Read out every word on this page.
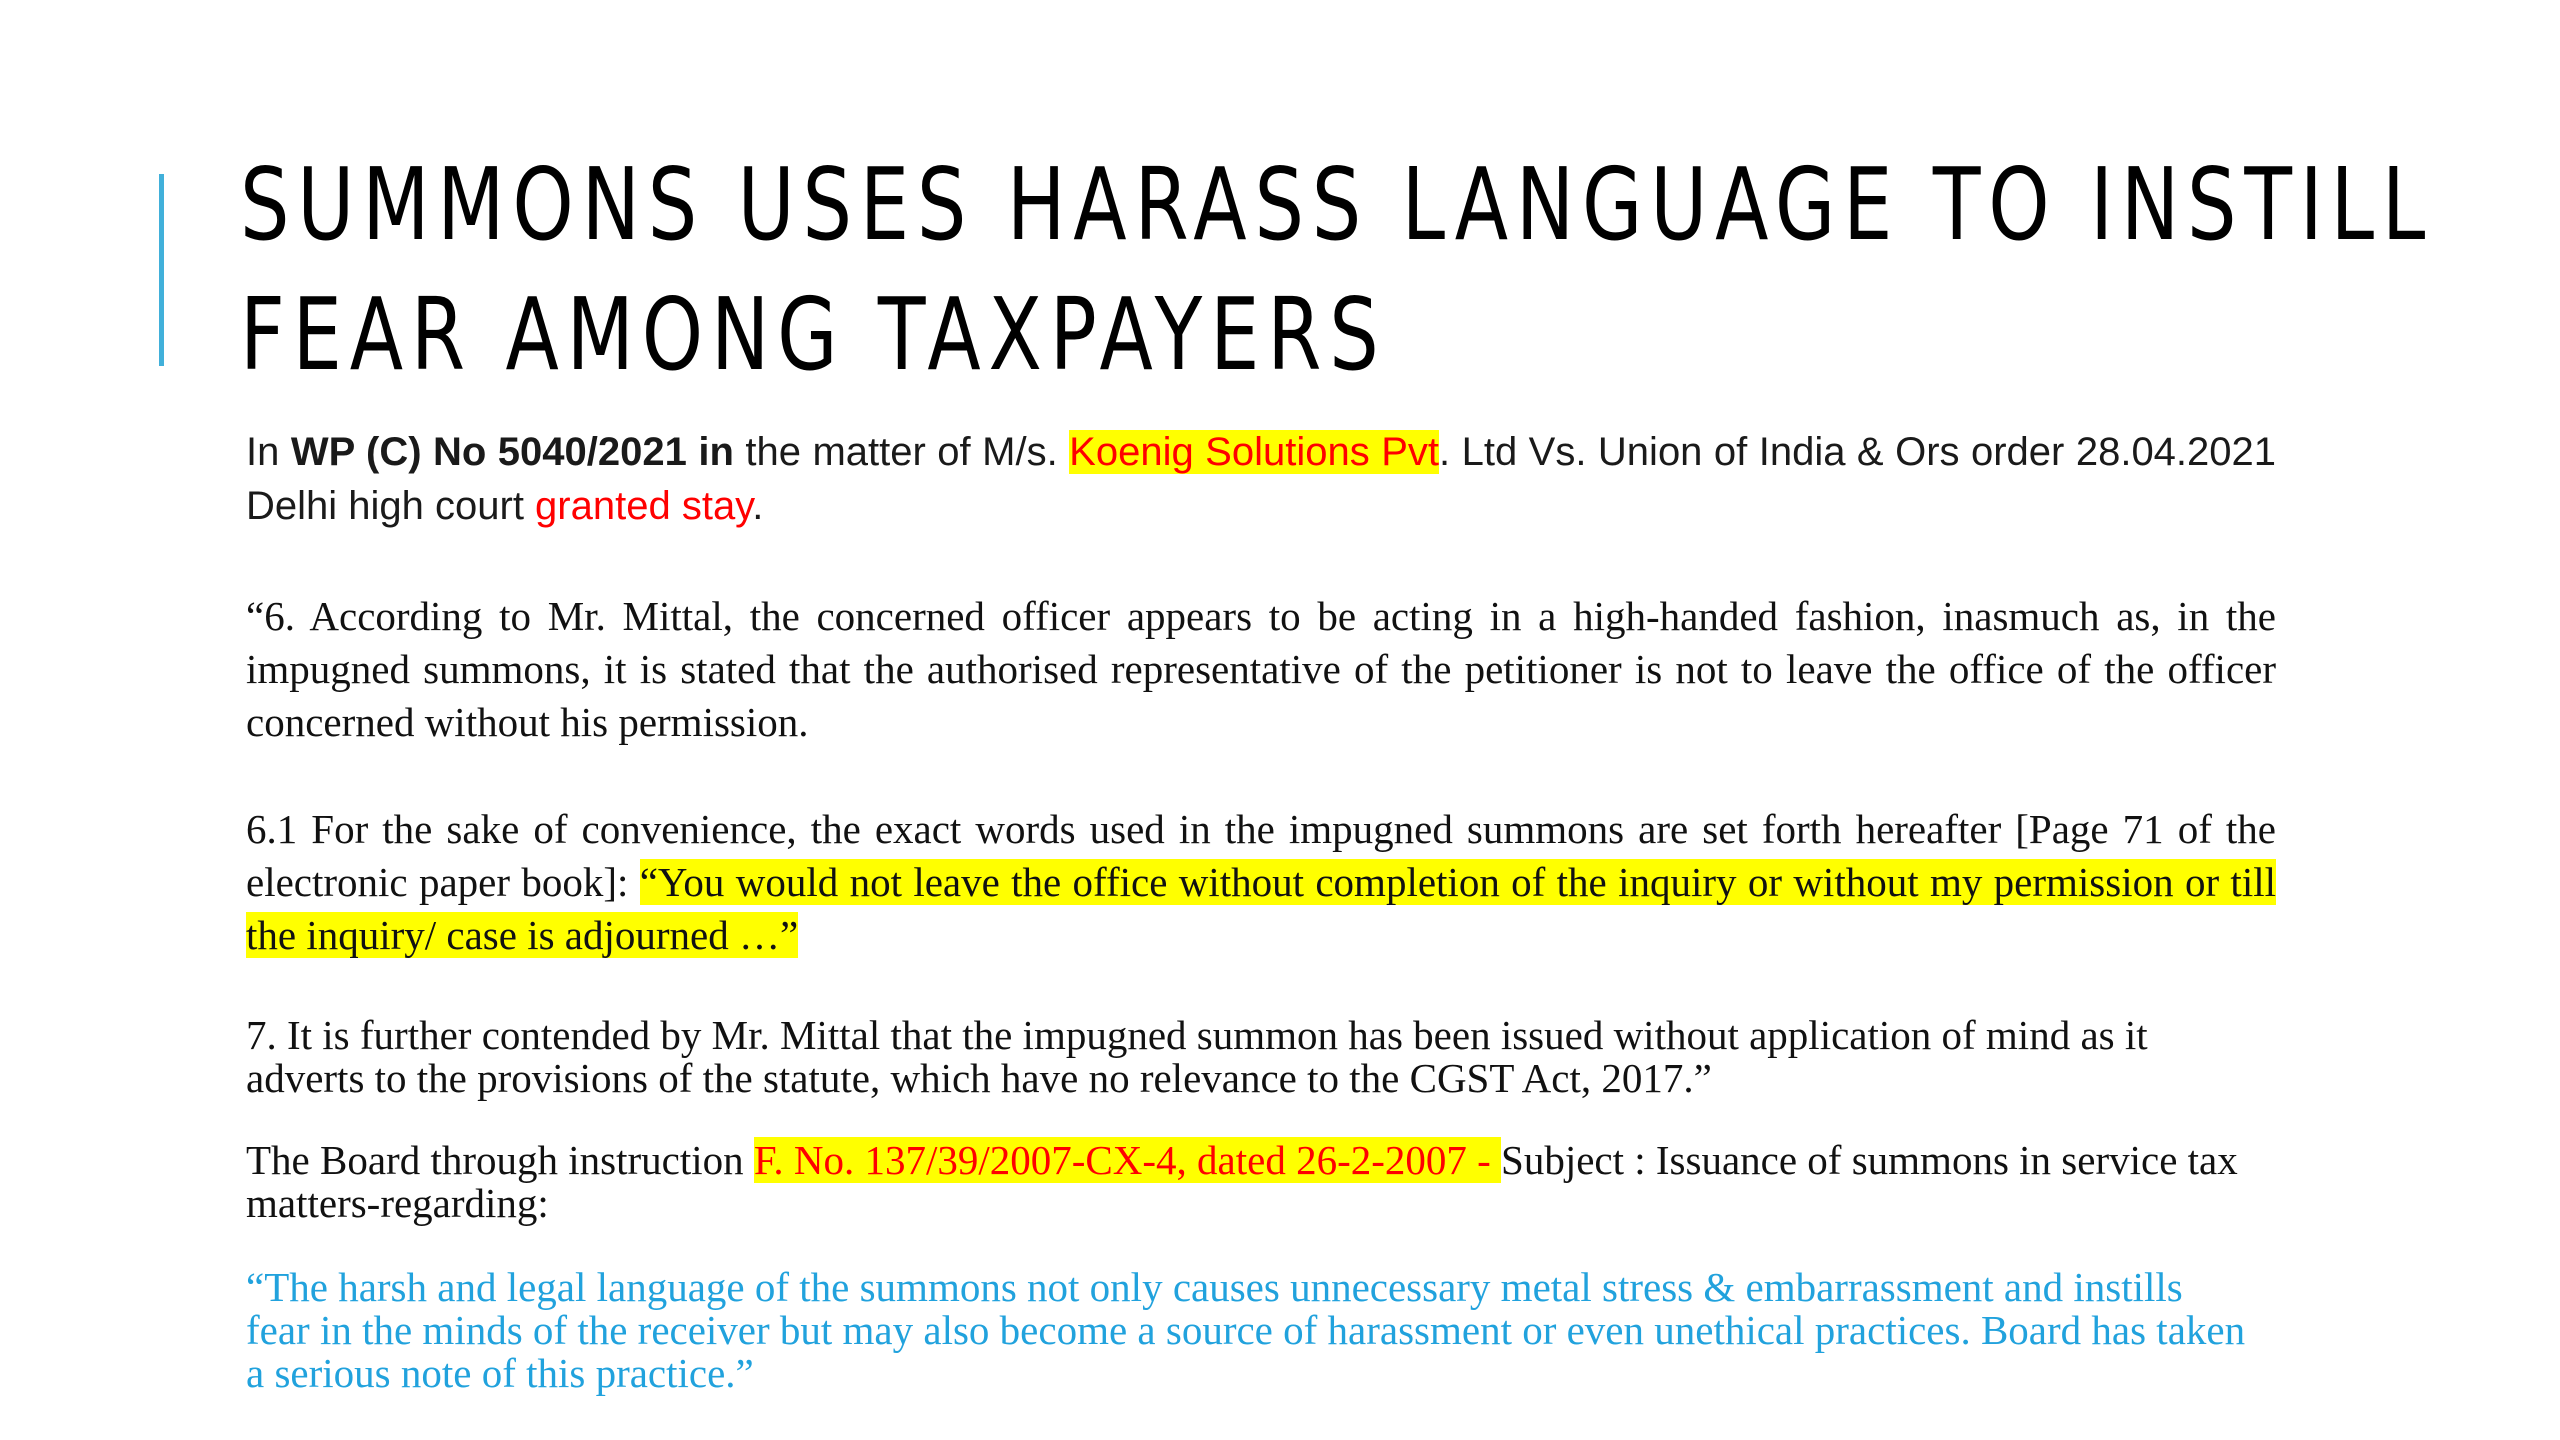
SUMMONS USES HARASS LANGUAGE TO INSTILL
FEAR AMONG TAXPAYERS

In WP (C) No 5040/2021 in the matter of M/s. Koenig Solutions Pvt. Ltd Vs. Union of India & Ors order 28.04.2021 Delhi high court granted stay.

“6. According to Mr. Mittal, the concerned officer appears to be acting in a high-handed fashion, inasmuch as, in the impugned summons, it is stated that the authorised representative of the petitioner is not to leave the office of the officer concerned without his permission.

6.1 For the sake of convenience, the exact words used in the impugned summons are set forth hereafter [Page 71 of the electronic paper book]: “You would not leave the office without completion of the inquiry or without my permission or till the inquiry/ case is adjourned …”

7. It is further contended by Mr. Mittal that the impugned summon has been issued without application of mind as it adverts to the provisions of the statute, which have no relevance to the CGST Act, 2017.”

The Board through instruction F. No. 137/39/2007-CX-4, dated 26-2-2007 - Subject : Issuance of summons in service tax matters-regarding:

“The harsh and legal language of the summons not only causes unnecessary metal stress & embarrassment and instills fear in the minds of the receiver but may also become a source of harassment or even unethical practices. Board has taken a serious note of this practice.”
